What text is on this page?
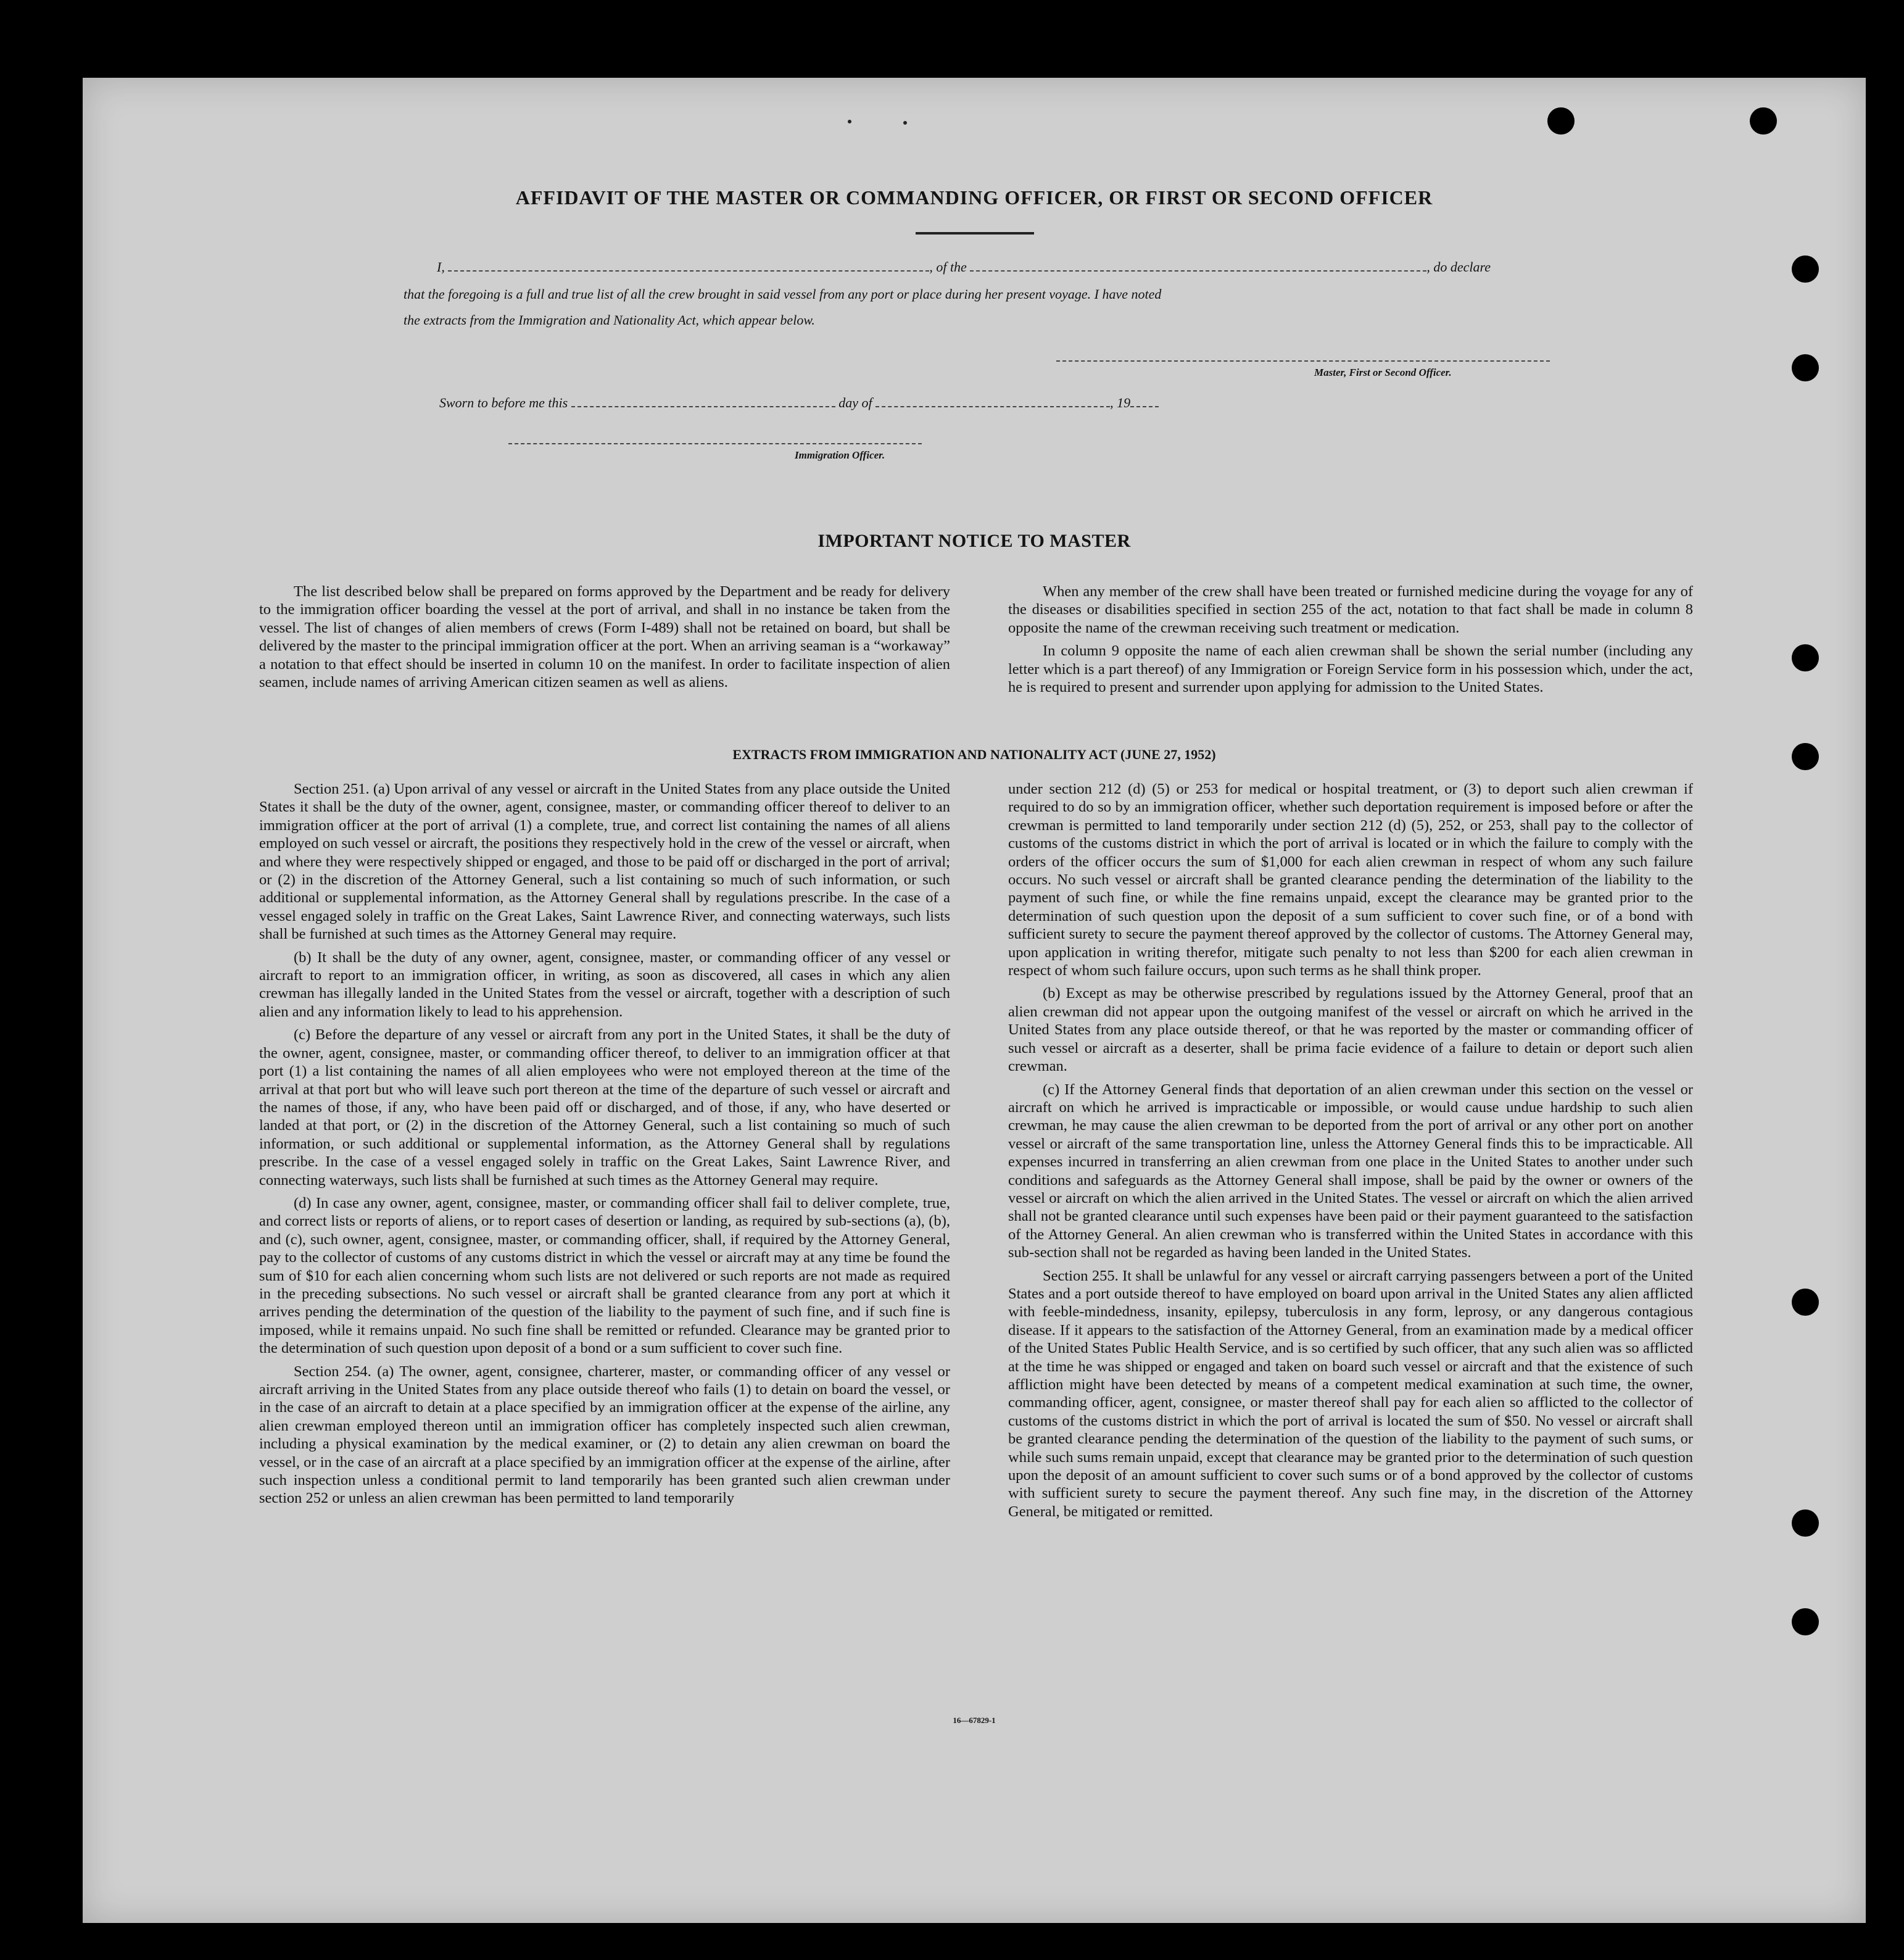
AFFIDAVIT OF THE MASTER OR COMMANDING OFFICER, OR FIRST OR SECOND OFFICER
I,	, of the	, do declare
that the foregoing is a full and true list of all the crew brought in said vessel from any port or place during her present voyage. I have noted
the extracts from the Immigration and Nationality Act, which appear below.
Master, First or Second Officer.
Sworn to before me this	day of	, 19
Immigration Officer.
IMPORTANT NOTICE TO MASTER

The list described below shall be prepared on forms approved by the Department and be ready for delivery to the immigration officer boarding the vessel at the port of arrival, and shall in no instance be taken from the vessel. The list of changes of alien members of crews (Form I-489) shall not be retained on board, but shall be delivered by the master to the principal immigration officer at the port. When an arriving seaman is a “workaway” a notation to that effect should be inserted in column 10 on the manifest. In order to facilitate inspection of alien seamen, include names of arriving American citizen seamen as well as aliens.

When any member of the crew shall have been treated or furnished medicine during the voyage for any of the diseases or disabilities specified in section 255 of the act, notation to that fact shall be made in column 8 opposite the name of the crewman receiving such treatment or medication.

In column 9 opposite the name of each alien crewman shall be shown the serial number (including any letter which is a part thereof) of any Immigration or Foreign Service form in his possession which, under the act, he is required to present and surrender upon applying for admission to the United States.

EXTRACTS FROM IMMIGRATION AND NATIONALITY ACT (JUNE 27, 1952)

Section 251. (a) Upon arrival of any vessel or aircraft in the United States from any place outside the United States it shall be the duty of the owner, agent, consignee, master, or commanding officer thereof to deliver to an immigration officer at the port of arrival (1) a complete, true, and correct list containing the names of all aliens employed on such vessel or aircraft, the positions they respectively hold in the crew of the vessel or aircraft, when and where they were respectively shipped or engaged, and those to be paid off or discharged in the port of arrival; or (2) in the discretion of the Attorney General, such a list containing so much of such information, or such additional or supplemental information, as the Attorney General shall by regulations prescribe. In the case of a vessel engaged solely in traffic on the Great Lakes, Saint Lawrence River, and connecting waterways, such lists shall be furnished at such times as the Attorney General may require.

(b) It shall be the duty of any owner, agent, consignee, master, or commanding officer of any vessel or aircraft to report to an immigration officer, in writing, as soon as discovered, all cases in which any alien crewman has illegally landed in the United States from the vessel or aircraft, together with a description of such alien and any information likely to lead to his apprehension.

(c) Before the departure of any vessel or aircraft from any port in the United States, it shall be the duty of the owner, agent, consignee, master, or commanding officer thereof, to deliver to an immigration officer at that port (1) a list containing the names of all alien employees who were not employed thereon at the time of the arrival at that port but who will leave such port thereon at the time of the departure of such vessel or aircraft and the names of those, if any, who have been paid off or discharged, and of those, if any, who have deserted or landed at that port, or (2) in the discretion of the Attorney General, such a list containing so much of such information, or such additional or supplemental information, as the Attorney General shall by regulations prescribe. In the case of a vessel engaged solely in traffic on the Great Lakes, Saint Lawrence River, and connecting waterways, such lists shall be furnished at such times as the Attorney General may require.

(d) In case any owner, agent, consignee, master, or commanding officer shall fail to deliver complete, true, and correct lists or reports of aliens, or to report cases of desertion or landing, as required by sub-sections (a), (b), and (c), such owner, agent, consignee, master, or commanding officer, shall, if required by the Attorney General, pay to the collector of customs of any customs district in which the vessel or aircraft may at any time be found the sum of $10 for each alien concerning whom such lists are not delivered or such reports are not made as required in the preceding subsections. No such vessel or aircraft shall be granted clearance from any port at which it arrives pending the determination of the question of the liability to the payment of such fine, and if such fine is imposed, while it remains unpaid. No such fine shall be remitted or refunded. Clearance may be granted prior to the determination of such question upon deposit of a bond or a sum sufficient to cover such fine.

Section 254. (a) The owner, agent, consignee, charterer, master, or commanding officer of any vessel or aircraft arriving in the United States from any place outside thereof who fails (1) to detain on board the vessel, or in the case of an aircraft to detain at a place specified by an immigration officer at the expense of the airline, any alien crewman employed thereon until an immigration officer has completely inspected such alien crewman, including a physical examination by the medical examiner, or (2) to detain any alien crewman on board the vessel, or in the case of an aircraft at a place specified by an immigration officer at the expense of the airline, after such inspection unless a conditional permit to land temporarily has been granted such alien crewman under section 252 or unless an alien crewman has been permitted to land temporarily

under section 212 (d) (5) or 253 for medical or hospital treatment, or (3) to deport such alien crewman if required to do so by an immigration officer, whether such deportation requirement is imposed before or after the crewman is permitted to land temporarily under section 212 (d) (5), 252, or 253, shall pay to the collector of customs of the customs district in which the port of arrival is located or in which the failure to comply with the orders of the officer occurs the sum of $1,000 for each alien crewman in respect of whom any such failure occurs. No such vessel or aircraft shall be granted clearance pending the determination of the liability to the payment of such fine, or while the fine remains unpaid, except the clearance may be granted prior to the determination of such question upon the deposit of a sum sufficient to cover such fine, or of a bond with sufficient surety to secure the payment thereof approved by the collector of customs. The Attorney General may, upon application in writing therefor, mitigate such penalty to not less than $200 for each alien crewman in respect of whom such failure occurs, upon such terms as he shall think proper.

(b) Except as may be otherwise prescribed by regulations issued by the Attorney General, proof that an alien crewman did not appear upon the outgoing manifest of the vessel or aircraft on which he arrived in the United States from any place outside thereof, or that he was reported by the master or commanding officer of such vessel or aircraft as a deserter, shall be prima facie evidence of a failure to detain or deport such alien crewman.

(c) If the Attorney General finds that deportation of an alien crewman under this section on the vessel or aircraft on which he arrived is impracticable or impossible, or would cause undue hardship to such alien crewman, he may cause the alien crewman to be deported from the port of arrival or any other port on another vessel or aircraft of the same transportation line, unless the Attorney General finds this to be impracticable. All expenses incurred in transferring an alien crewman from one place in the United States to another under such conditions and safeguards as the Attorney General shall impose, shall be paid by the owner or owners of the vessel or aircraft on which the alien arrived in the United States. The vessel or aircraft on which the alien arrived shall not be granted clearance until such expenses have been paid or their payment guaranteed to the satisfaction of the Attorney General. An alien crewman who is transferred within the United States in accordance with this sub-section shall not be regarded as having been landed in the United States.

Section 255. It shall be unlawful for any vessel or aircraft carrying passengers between a port of the United States and a port outside thereof to have employed on board upon arrival in the United States any alien afflicted with feeble-mindedness, insanity, epilepsy, tuberculosis in any form, leprosy, or any dangerous contagious disease. If it appears to the satisfaction of the Attorney General, from an examination made by a medical officer of the United States Public Health Service, and is so certified by such officer, that any such alien was so afflicted at the time he was shipped or engaged and taken on board such vessel or aircraft and that the existence of such affliction might have been detected by means of a competent medical examination at such time, the owner, commanding officer, agent, consignee, or master thereof shall pay for each alien so afflicted to the collector of customs of the customs district in which the port of arrival is located the sum of $50. No vessel or aircraft shall be granted clearance pending the determination of the question of the liability to the payment of such sums, or while such sums remain unpaid, except that clearance may be granted prior to the determination of such question upon the deposit of an amount sufficient to cover such sums or of a bond approved by the collector of customs with sufficient surety to secure the payment thereof. Any such fine may, in the discretion of the Attorney General, be mitigated or remitted.

16—67829-1
